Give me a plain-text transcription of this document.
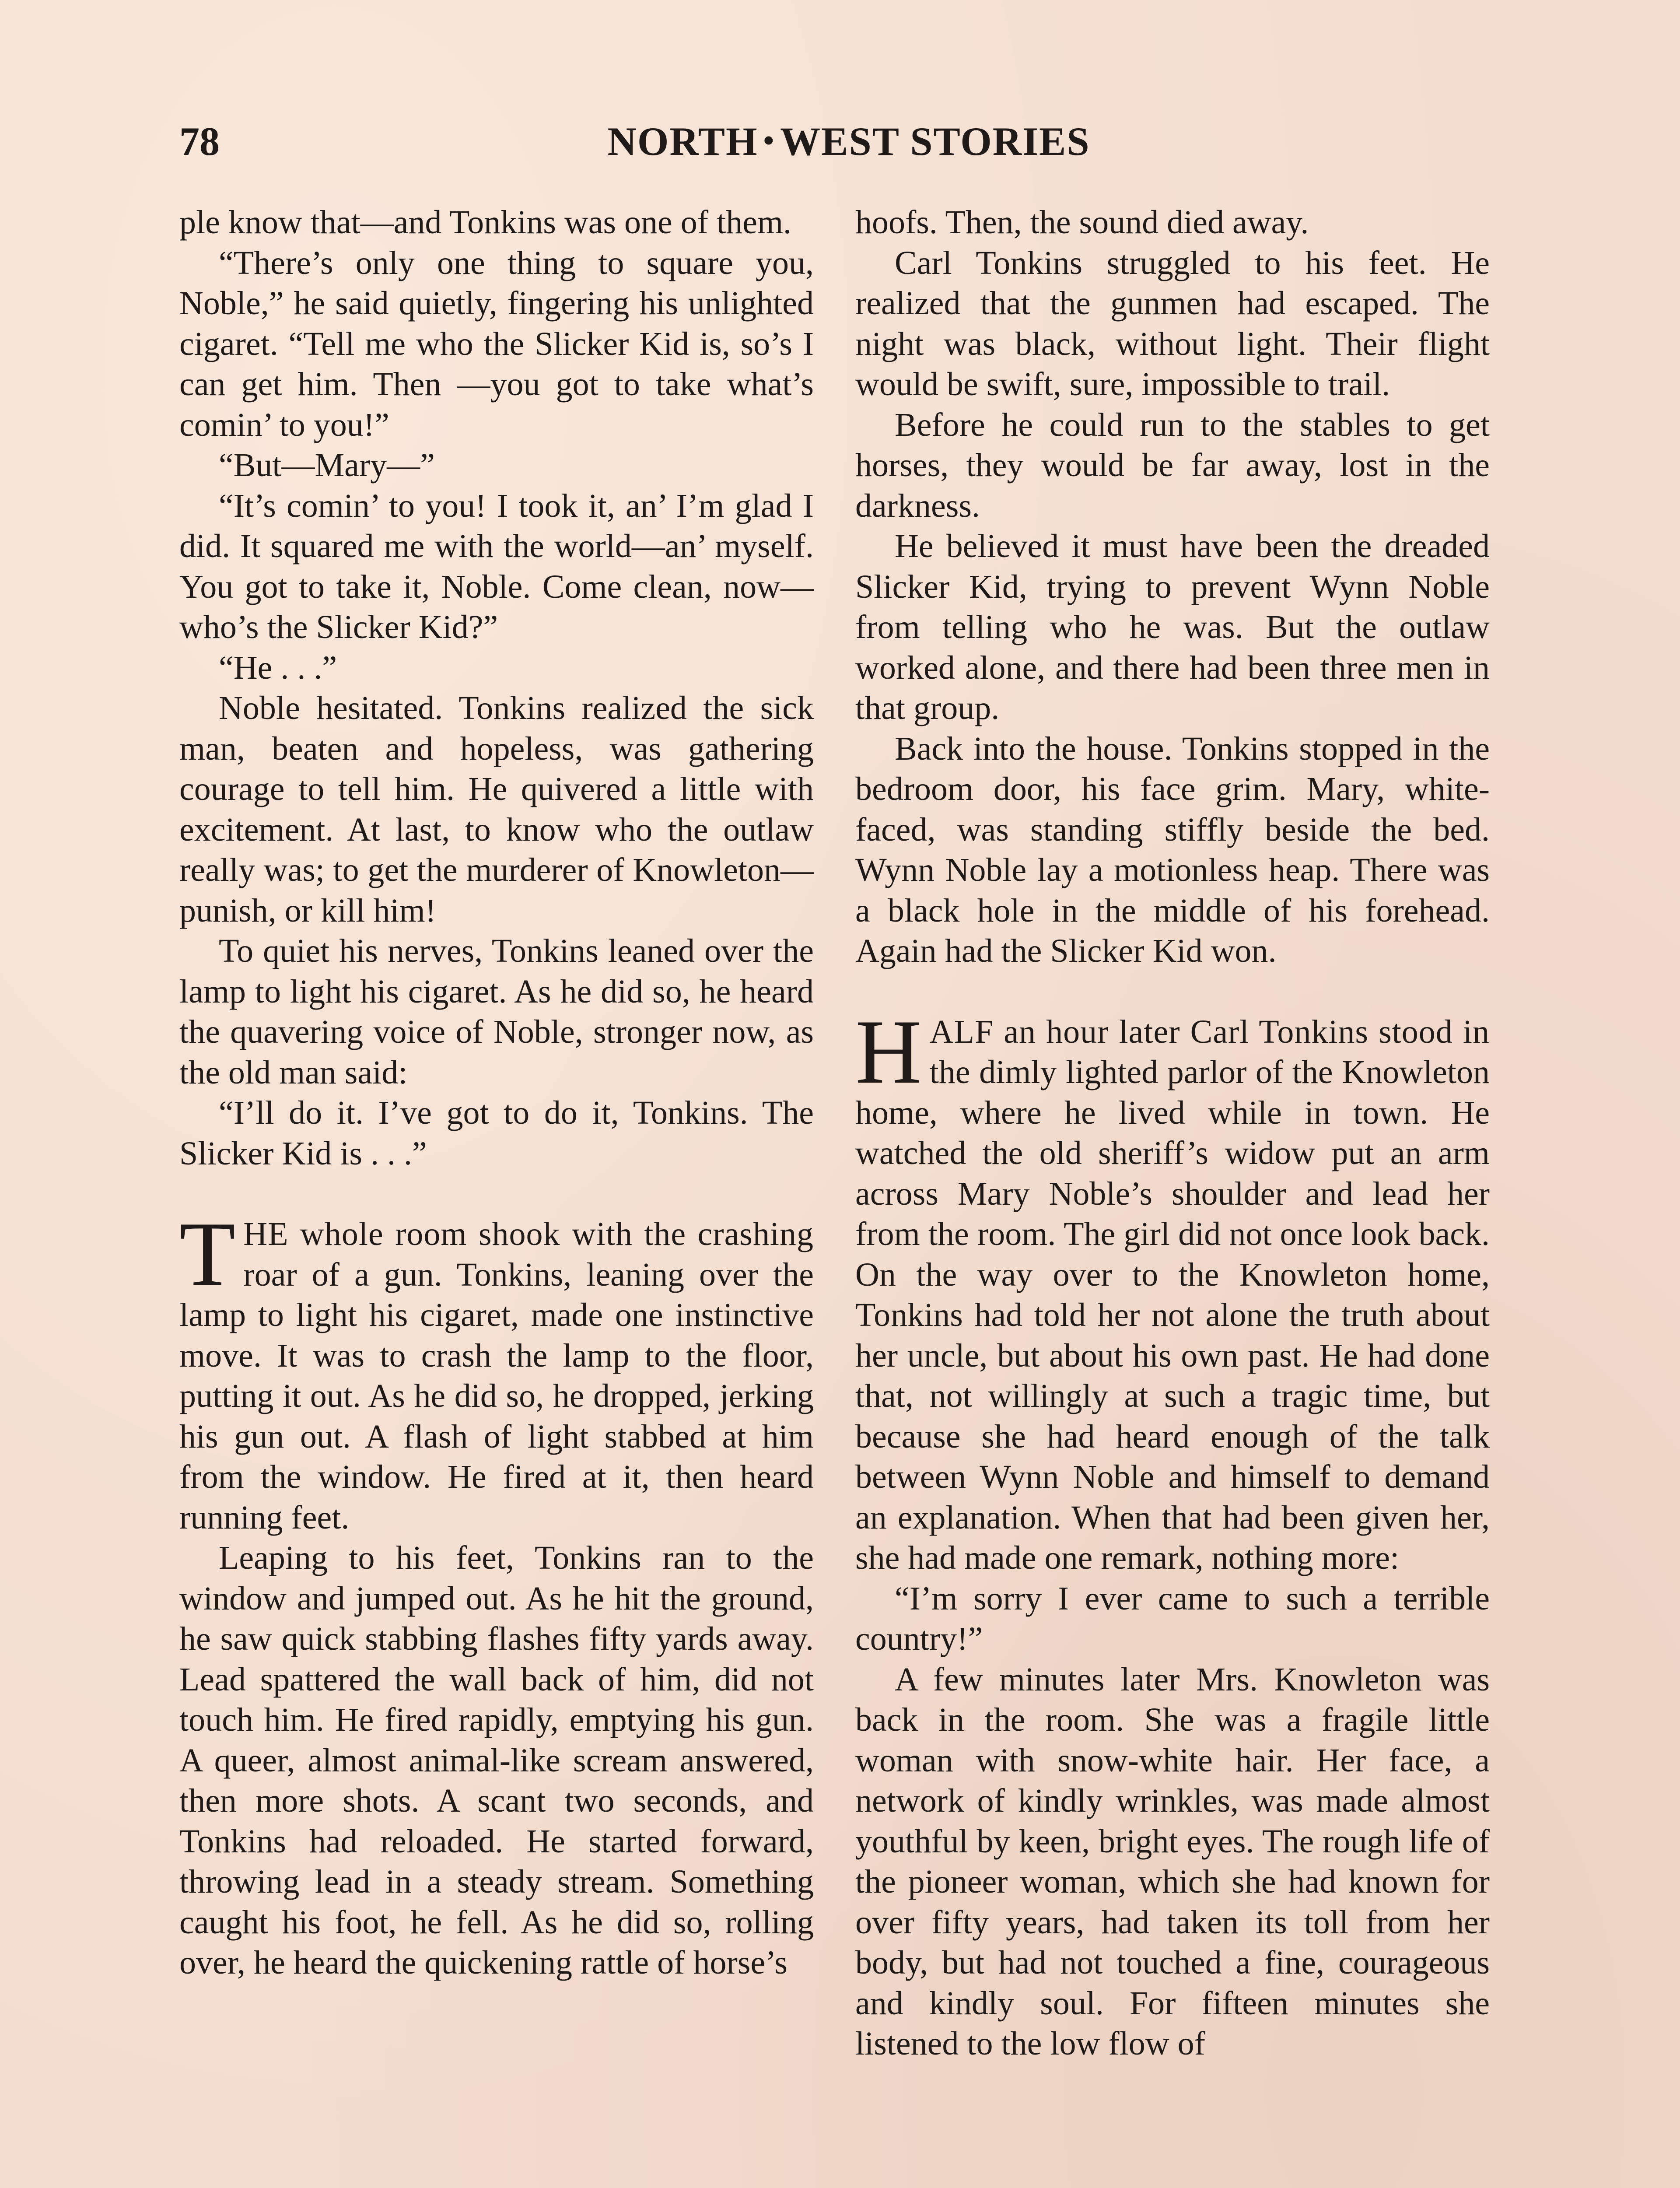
78	NORTH • WEST STORIES

ple know that—and Tonkins was one of them.

“There’s only one thing to square you, Noble,” he said quietly, fingering his unlighted cigaret. “Tell me who the Slicker Kid is, so’s I can get him. Then —you got to take what’s comin’ to you!”

“But—Mary—”

“It’s comin’ to you! I took it, an’ I’m glad I did. It squared me with the world—an’ myself. You got to take it, Noble. Come clean, now—who’s the Slicker Kid?”

“He . . .”

Noble hesitated. Tonkins realized the sick man, beaten and hopeless, was gathering courage to tell him. He quivered a little with excitement. At last, to know who the outlaw really was; to get the murderer of Knowleton—punish, or kill him!

To quiet his nerves, Tonkins leaned over the lamp to light his cigaret. As he did so, he heard the quavering voice of Noble, stronger now, as the old man said:

“I’ll do it. I’ve got to do it, Tonkins. The Slicker Kid is . . .”

THE whole room shook with the crashing roar of a gun. Tonkins, leaning over the lamp to light his cigaret, made one instinctive move. It was to crash the lamp to the floor, putting it out. As he did so, he dropped, jerking his gun out. A flash of light stabbed at him from the window. He fired at it, then heard running feet.

Leaping to his feet, Tonkins ran to the window and jumped out. As he hit the ground, he saw quick stabbing flashes fifty yards away. Lead spattered the wall back of him, did not touch him. He fired rapidly, emptying his gun. A queer, almost animal-like scream answered, then more shots. A scant two seconds, and Tonkins had reloaded. He started forward, throwing lead in a steady stream. Something caught his foot, he fell. As he did so, rolling over, he heard the quickening rattle of horse’s

hoofs. Then, the sound died away.

Carl Tonkins struggled to his feet. He realized that the gunmen had escaped. The night was black, without light. Their flight would be swift, sure, impossible to trail.

Before he could run to the stables to get horses, they would be far away, lost in the darkness.

He believed it must have been the dreaded Slicker Kid, trying to prevent Wynn Noble from telling who he was. But the outlaw worked alone, and there had been three men in that group.

Back into the house. Tonkins stopped in the bedroom door, his face grim. Mary, white-faced, was standing stiffly beside the bed. Wynn Noble lay a motionless heap. There was a black hole in the middle of his forehead. Again had the Slicker Kid won.

HALF an hour later Carl Tonkins stood in the dimly lighted parlor of the Knowleton home, where he lived while in town. He watched the old sheriff’s widow put an arm across Mary Noble’s shoulder and lead her from the room. The girl did not once look back. On the way over to the Knowleton home, Tonkins had told her not alone the truth about her uncle, but about his own past. He had done that, not willingly at such a tragic time, but because she had heard enough of the talk between Wynn Noble and himself to demand an explanation. When that had been given her, she had made one remark, nothing more:

“I’m sorry I ever came to such a terrible country!”

A few minutes later Mrs. Knowleton was back in the room. She was a fragile little woman with snow-white hair. Her face, a network of kindly wrinkles, was made almost youthful by keen, bright eyes. The rough life of the pioneer woman, which she had known for over fifty years, had taken its toll from her body, but had not touched a fine, courageous and kindly soul. For fifteen minutes she listened to the low flow of
